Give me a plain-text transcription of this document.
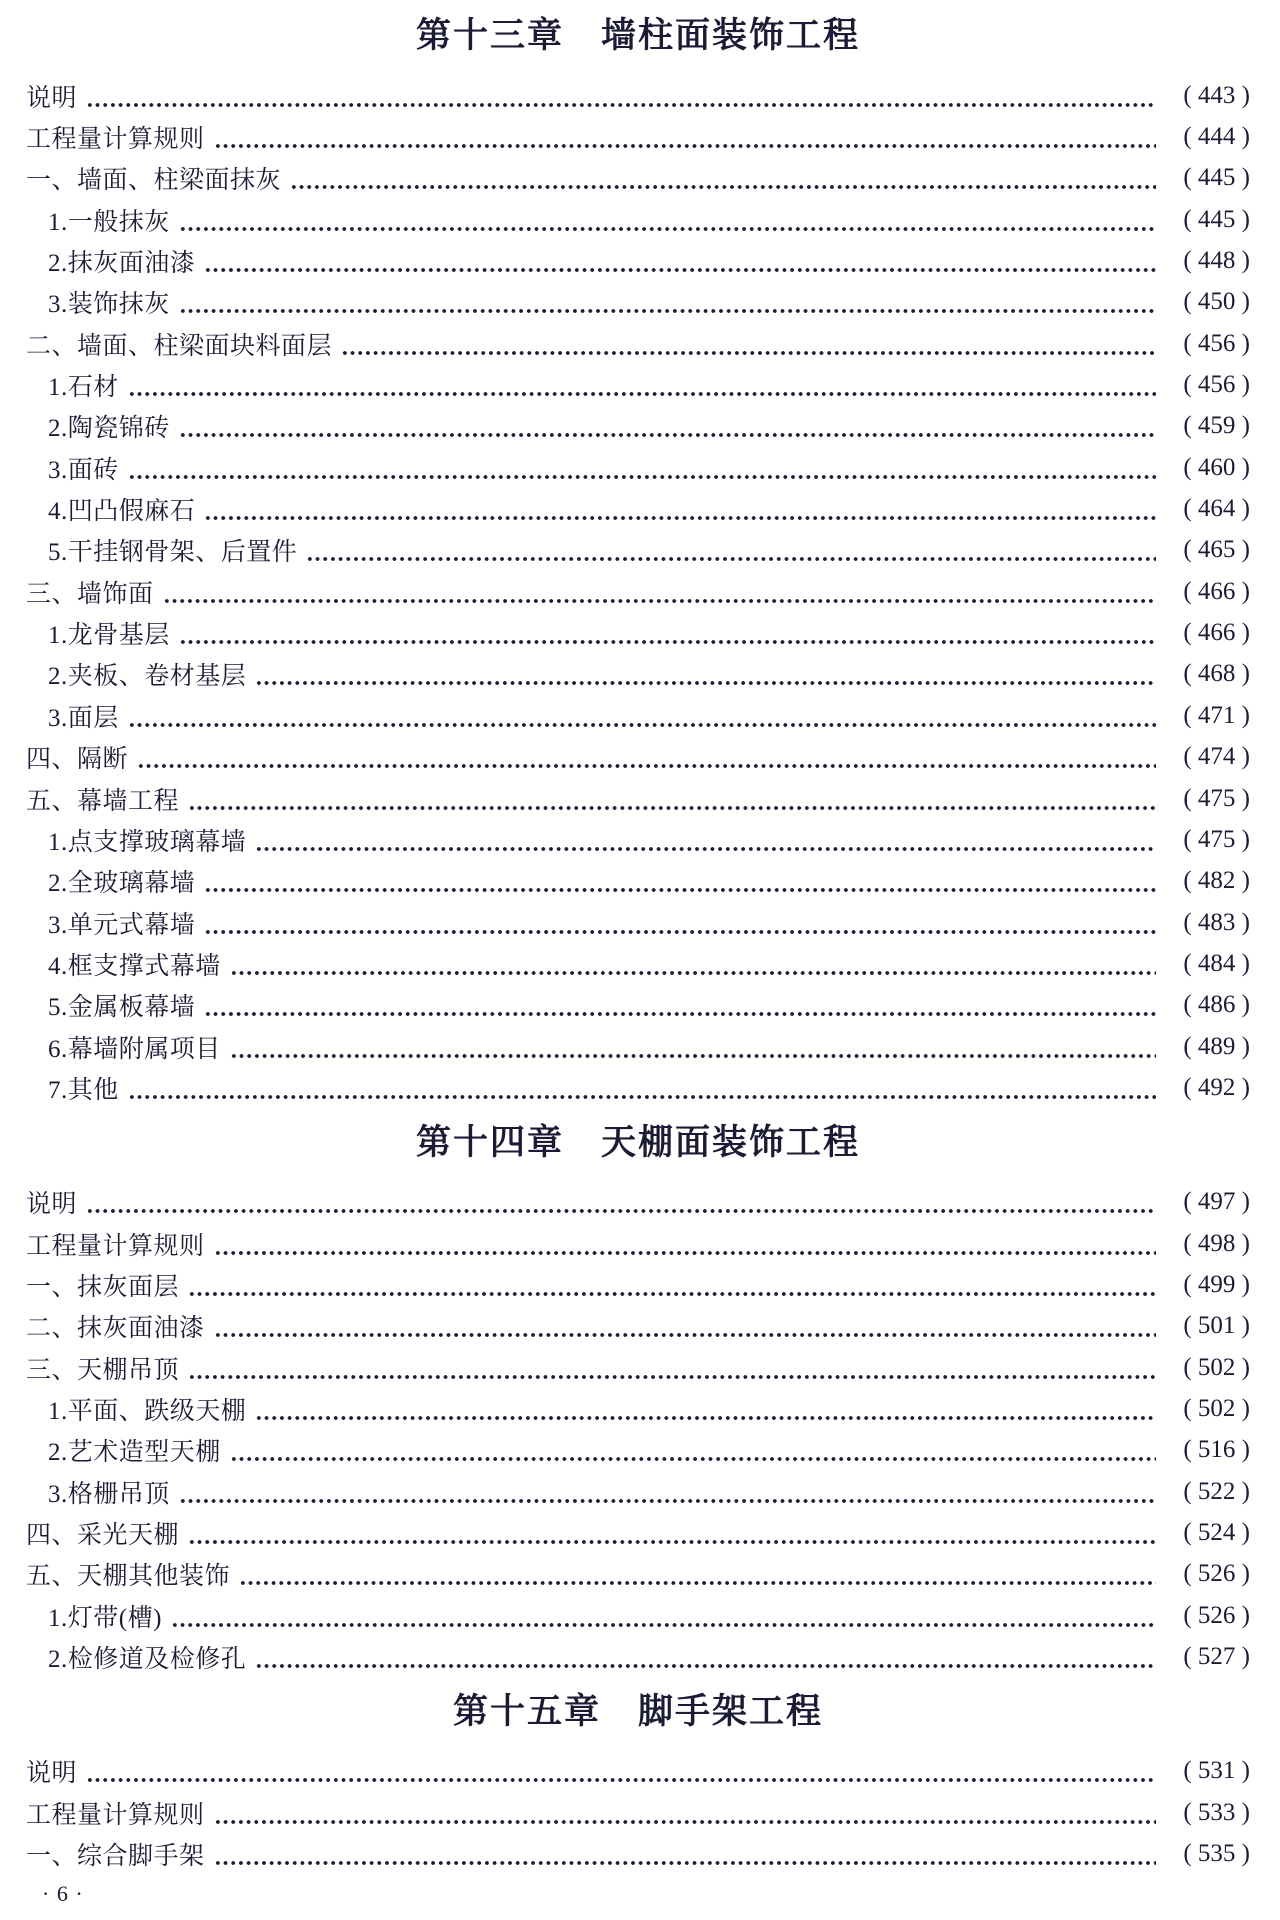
第十三章　墙柱面装饰工程
说明	( 443 )
工程量计算规则	( 444 )
一、墙面、柱梁面抹灰	( 445 )
1.一般抹灰	( 445 )
2.抹灰面油漆	( 448 )
3.装饰抹灰	( 450 )
二、墙面、柱梁面块料面层	( 456 )
1.石材	( 456 )
2.陶瓷锦砖	( 459 )
3.面砖	( 460 )
4.凹凸假麻石	( 464 )
5.干挂钢骨架、后置件	( 465 )
三、墙饰面	( 466 )
1.龙骨基层	( 466 )
2.夹板、卷材基层	( 468 )
3.面层	( 471 )
四、隔断	( 474 )
五、幕墙工程	( 475 )
1.点支撑玻璃幕墙	( 475 )
2.全玻璃幕墙	( 482 )
3.单元式幕墙	( 483 )
4.框支撑式幕墙	( 484 )
5.金属板幕墙	( 486 )
6.幕墙附属项目	( 489 )
7.其他	( 492 )
第十四章　天棚面装饰工程
说明	( 497 )
工程量计算规则	( 498 )
一、抹灰面层	( 499 )
二、抹灰面油漆	( 501 )
三、天棚吊顶	( 502 )
1.平面、跌级天棚	( 502 )
2.艺术造型天棚	( 516 )
3.格栅吊顶	( 522 )
四、采光天棚	( 524 )
五、天棚其他装饰	( 526 )
1.灯带(槽)	( 526 )
2.检修道及检修孔	( 527 )
第十五章　脚手架工程
说明	( 531 )
工程量计算规则	( 533 )
一、综合脚手架	( 535 )
· 6 ·
